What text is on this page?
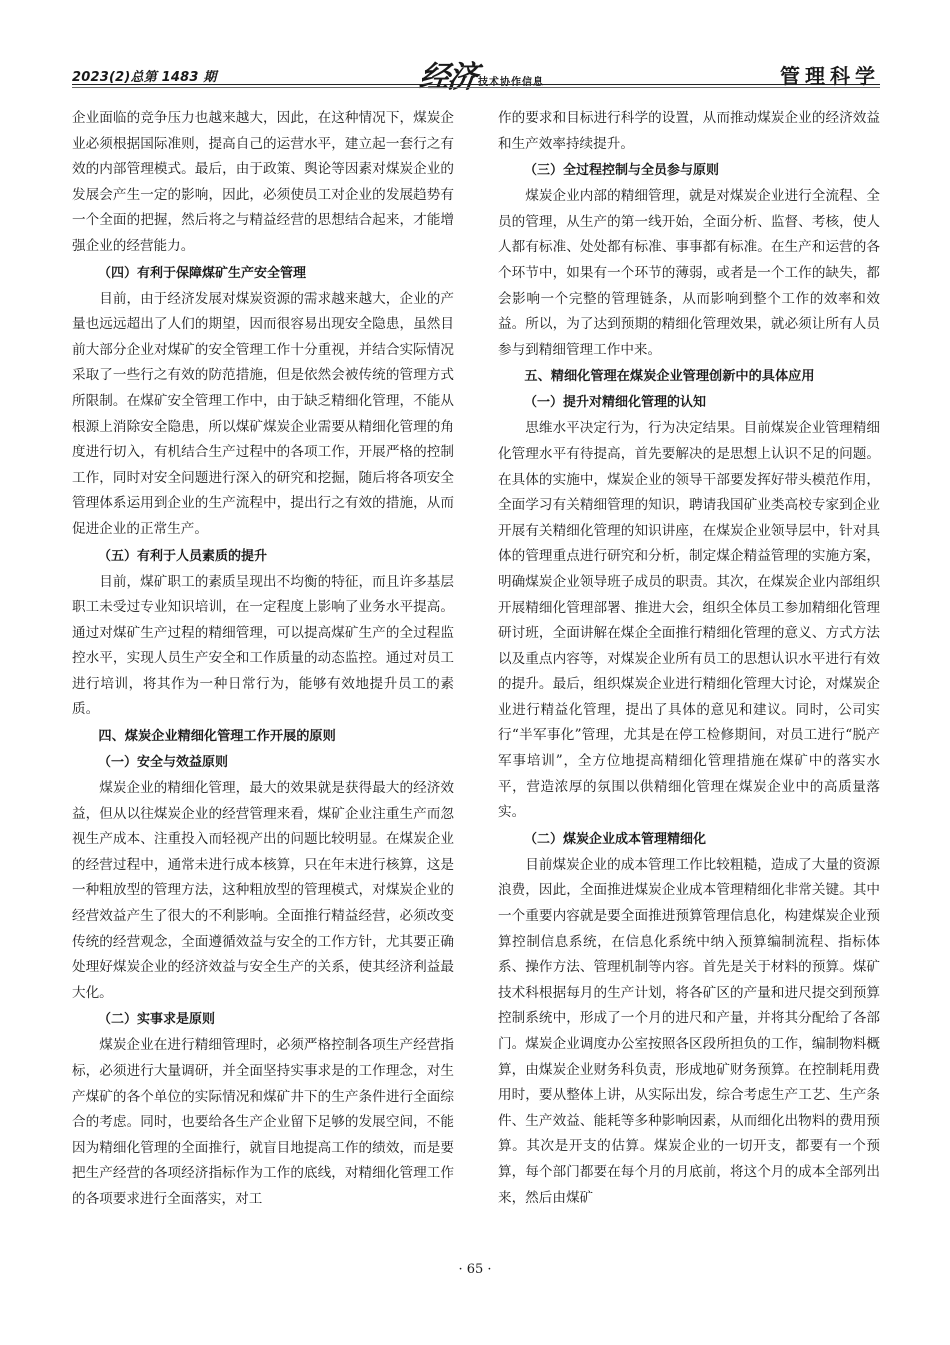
2023(2)总第 1483 期	经济技术协作信息	管理科学

企业面临的竞争压力也越来越大，因此，在这种情况下，煤炭企业必须根据国际准则，提高自己的运营水平，建立起一套行之有效的内部管理模式。最后，由于政策、舆论等因素对煤炭企业的发展会产生一定的影响，因此，必须使员工对企业的发展趋势有一个全面的把握，然后将之与精益经营的思想结合起来，才能增强企业的经营能力。

（四）有利于保障煤矿生产安全管理

目前，由于经济发展对煤炭资源的需求越来越大，企业的产量也远远超出了人们的期望，因而很容易出现安全隐患，虽然目前大部分企业对煤矿的安全管理工作十分重视，并结合实际情况采取了一些行之有效的防范措施，但是依然会被传统的管理方式所限制。在煤矿安全管理工作中，由于缺乏精细化管理，不能从根源上消除安全隐患，所以煤矿煤炭企业需要从精细化管理的角度进行切入，有机结合生产过程中的各项工作，开展严格的控制工作，同时对安全问题进行深入的研究和挖掘，随后将各项安全管理体系运用到企业的生产流程中，提出行之有效的措施，从而促进企业的正常生产。

（五）有利于人员素质的提升

目前，煤矿职工的素质呈现出不均衡的特征，而且许多基层职工未受过专业知识培训，在一定程度上影响了业务水平提高。通过对煤矿生产过程的精细管理，可以提高煤矿生产的全过程监控水平，实现人员生产安全和工作质量的动态监控。通过对员工进行培训，将其作为一种日常行为，能够有效地提升员工的素质。

四、煤炭企业精细化管理工作开展的原则
（一）安全与效益原则

煤炭企业的精细化管理，最大的效果就是获得最大的经济效益，但从以往煤炭企业的经营管理来看，煤矿企业注重生产而忽视生产成本、注重投入而轻视产出的问题比较明显。在煤炭企业的经营过程中，通常未进行成本核算，只在年末进行核算，这是一种粗放型的管理方法，这种粗放型的管理模式，对煤炭企业的经营效益产生了很大的不利影响。全面推行精益经营，必须改变传统的经营观念，全面遵循效益与安全的工作方针，尤其要正确处理好煤炭企业的经济效益与安全生产的关系，使其经济利益最大化。

（二）实事求是原则

煤炭企业在进行精细管理时，必须严格控制各项生产经营指标，必须进行大量调研，并全面坚持实事求是的工作理念，对生产煤矿的各个单位的实际情况和煤矿井下的生产条件进行全面综合的考虑。同时，也要给各生产企业留下足够的发展空间，不能因为精细化管理的全面推行，就盲目地提高工作的绩效，而是要把生产经营的各项经济指标作为工作的底线，对精细化管理工作的各项要求进行全面落实，对工

作的要求和目标进行科学的设置，从而推动煤炭企业的经济效益和生产效率持续提升。

（三）全过程控制与全员参与原则

煤炭企业内部的精细管理，就是对煤炭企业进行全流程、全员的管理，从生产的第一线开始，全面分析、监督、考核，使人人都有标准、处处都有标准、事事都有标准。在生产和运营的各个环节中，如果有一个环节的薄弱，或者是一个工作的缺失，都会影响一个完整的管理链条，从而影响到整个工作的效率和效益。所以，为了达到预期的精细化管理效果，就必须让所有人员参与到精细管理工作中来。

五、精细化管理在煤炭企业管理创新中的具体应用
（一）提升对精细化管理的认知

思维水平决定行为，行为决定结果。目前煤炭企业管理精细化管理水平有待提高，首先要解决的是思想上认识不足的问题。在具体的实施中，煤炭企业的领导干部要发挥好带头模范作用，全面学习有关精细管理的知识，聘请我国矿业类高校专家到企业开展有关精细化管理的知识讲座，在煤炭企业领导层中，针对具体的管理重点进行研究和分析，制定煤企精益管理的实施方案，明确煤炭企业领导班子成员的职责。其次，在煤炭企业内部组织开展精细化管理部署、推进大会，组织全体员工参加精细化管理研讨班，全面讲解在煤企全面推行精细化管理的意义、方式方法以及重点内容等，对煤炭企业所有员工的思想认识水平进行有效的提升。最后，组织煤炭企业进行精细化管理大讨论，对煤炭企业进行精益化管理，提出了具体的意见和建议。同时，公司实行“半军事化”管理，尤其是在停工检修期间，对员工进行“脱产军事培训”，全方位地提高精细化管理措施在煤矿中的落实水平，营造浓厚的氛围以供精细化管理在煤炭企业中的高质量落实。

（二）煤炭企业成本管理精细化

目前煤炭企业的成本管理工作比较粗糙，造成了大量的资源浪费，因此，全面推进煤炭企业成本管理精细化非常关键。其中一个重要内容就是要全面推进预算管理信息化，构建煤炭企业预算控制信息系统，在信息化系统中纳入预算编制流程、指标体系、操作方法、管理机制等内容。首先是关于材料的预算。煤矿技术科根据每月的生产计划，将各矿区的产量和进尺提交到预算控制系统中，形成了一个月的进尺和产量，并将其分配给了各部门。煤炭企业调度办公室按照各区段所担负的工作，编制物料概算，由煤炭企业财务科负责，形成地矿财务预算。在控制耗用费用时，要从整体上讲，从实际出发，综合考虑生产工艺、生产条件、生产效益、能耗等多种影响因素，从而细化出物料的费用预算。其次是开支的估算。煤炭企业的一切开支，都要有一个预算，每个部门都要在每个月的月底前，将这个月的成本全部列出来，然后由煤矿

· 65 ·
